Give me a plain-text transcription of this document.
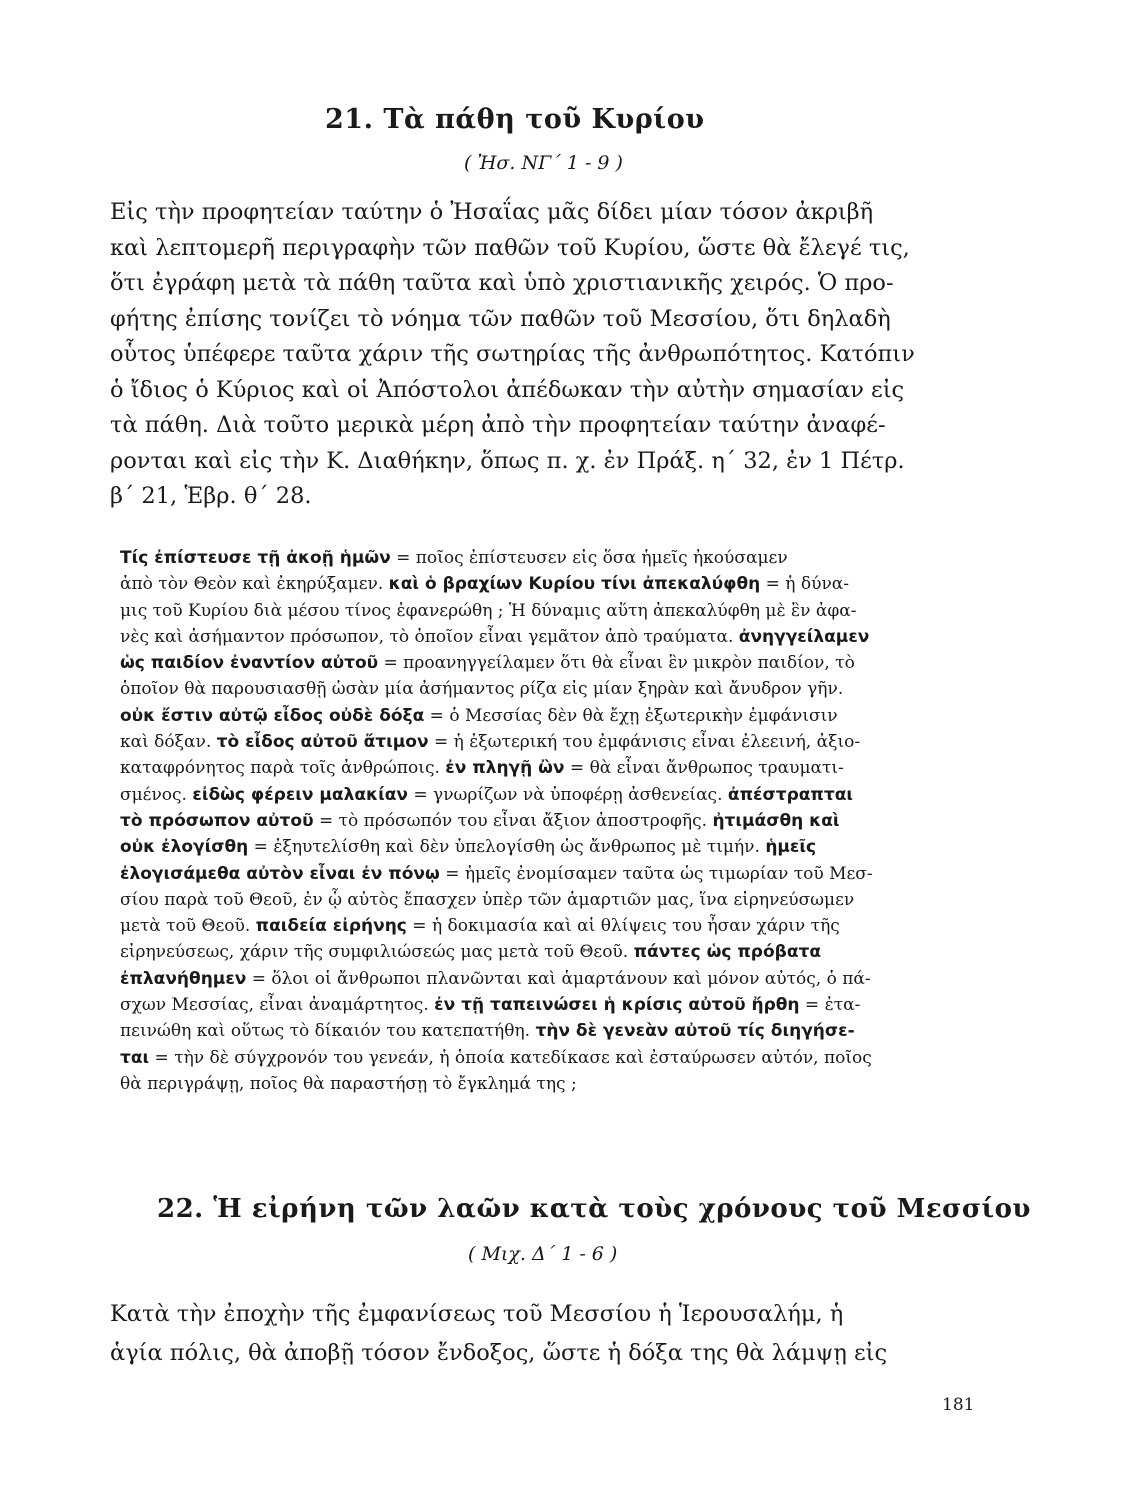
21. Τὰ πάθη τοῦ Κυρίου
( Ἠσ. ΝΓ΄ 1 - 9 )
Εἰς τὴν προφητείαν ταύτην ὁ Ἠσαΐας μᾶς δίδει μίαν τόσον ἀκριβῆ
καὶ λεπτομερῆ περιγραφὴν τῶν παθῶν τοῦ Κυρίου, ὥστε θὰ ἔλεγέ τις,
ὅτι ἐγράφη μετὰ τὰ πάθη ταῦτα καὶ ὑπὸ χριστιανικῆς χειρός. Ὁ προ-
φήτης ἐπίσης τονίζει τὸ νόημα τῶν παθῶν τοῦ Μεσσίου, ὅτι δηλαδὴ
οὗτος ὑπέφερε ταῦτα χάριν τῆς σωτηρίας τῆς ἀνθρωπότητος. Κατόπιν
ὁ ἴδιος ὁ Κύριος καὶ οἱ Ἀπόστολοι ἀπέδωκαν τὴν αὐτὴν σημασίαν εἰς
τὰ πάθη. Διὰ τοῦτο μερικὰ μέρη ἀπὸ τὴν προφητείαν ταύτην ἀναφέ-
ρονται καὶ εἰς τὴν Κ. Διαθήκην, ὅπως π. χ. ἐν Πράξ. η΄ 32, ἐν 1 Πέτρ.
β΄ 21, Ἑβρ. θ΄ 28.
Τίς ἐπίστευσε τῇ ἀκοῇ ἡμῶν = ποῖος ἐπίστευσεν εἰς ὅσα ἡμεῖς ἠκούσαμεν
ἀπὸ τὸν Θεὸν καὶ ἐκηρύξαμεν. καὶ ὁ βραχίων Κυρίου τίνι ἀπεκαλύφθη = ἡ δύνα-
μις τοῦ Κυρίου διὰ μέσου τίνος ἐφανερώθη ; Ἡ δύναμις αὕτη ἀπεκαλύφθη μὲ ἓν ἀφα-
νὲς καὶ ἀσήμαντον πρόσωπον, τὸ ὁποῖον εἶναι γεμᾶτον ἀπὸ τραύματα. ἀνηγγείλαμεν
ὡς παιδίον ἐναντίον αὐτοῦ = προανηγγείλαμεν ὅτι θὰ εἶναι ἓν μικρὸν παιδίον, τὸ
ὁποῖον θὰ παρουσιασθῇ ὡσὰν μία ἀσήμαντος ρίζα εἰς μίαν ξηρὰν καὶ ἄνυδρον γῆν.
οὐκ ἔστιν αὐτῷ εἶδος οὐδὲ δόξα = ὁ Μεσσίας δὲν θὰ ἔχῃ ἐξωτερικὴν ἐμφάνισιν
καὶ δόξαν. τὸ εἶδος αὐτοῦ ἄτιμον = ἡ ἐξωτερική του ἐμφάνισις εἶναι ἐλεεινή, ἀξιο-
καταφρόνητος παρὰ τοῖς ἀνθρώποις. ἐν πληγῇ ὢν = θὰ εἶναι ἄνθρωπος τραυματι-
σμένος. εἰδὼς φέρειν μαλακίαν = γνωρίζων νὰ ὑποφέρῃ ἀσθενείας. ἀπέστραπται
τὸ πρόσωπον αὐτοῦ = τὸ πρόσωπόν του εἶναι ἄξιον ἀποστροφῆς. ἠτιμάσθη καὶ
οὐκ ἐλογίσθη = ἐξηυτελίσθη καὶ δὲν ὑπελογίσθη ὡς ἄνθρωπος μὲ τιμήν. ἡμεῖς
ἐλογισάμεθα αὐτὸν εἶναι ἐν πόνῳ = ἡμεῖς ἐνομίσαμεν ταῦτα ὡς τιμωρίαν τοῦ Μεσ-
σίου παρὰ τοῦ Θεοῦ, ἐν ᾧ αὐτὸς ἔπασχεν ὑπὲρ τῶν ἁμαρτιῶν μας, ἵνα εἰρηνεύσωμεν
μετὰ τοῦ Θεοῦ. παιδεία εἰρήνης = ἡ δοκιμασία καὶ αἱ θλίψεις του ἦσαν χάριν τῆς
εἰρηνεύσεως, χάριν τῆς συμφιλιώσεώς μας μετὰ τοῦ Θεοῦ. πάντες ὡς πρόβατα
ἐπλανήθημεν = ὅλοι οἱ ἄνθρωποι πλανῶνται καὶ ἁμαρτάνουν καὶ μόνον αὐτός, ὁ πά-
σχων Μεσσίας, εἶναι ἀναμάρτητος. ἐν τῇ ταπεινώσει ἡ κρίσις αὐτοῦ ἤρθη = ἐτα-
πεινώθη καὶ οὕτως τὸ δίκαιόν του κατεπατήθη. τὴν δὲ γενεὰν αὐτοῦ τίς διηγήσε-
ται = τὴν δὲ σύγχρονόν του γενεάν, ἡ ὁποία κατεδίκασε καὶ ἐσταύρωσεν αὐτόν, ποῖος
θὰ περιγράψῃ, ποῖος θὰ παραστήσῃ τὸ ἔγκλημά της ;
22. Ἡ εἰρήνη τῶν λαῶν κατὰ τοὺς χρόνους τοῦ Μεσσίου
( Μιχ. Δ΄ 1 - 6 )
Κατὰ τὴν ἐποχὴν τῆς ἐμφανίσεως τοῦ Μεσσίου ἡ Ἱερουσαλήμ, ἡ
ἁγία πόλις, θὰ ἀποβῇ τόσον ἔνδοξος, ὥστε ἡ δόξα της θὰ λάμψῃ εἰς
181
